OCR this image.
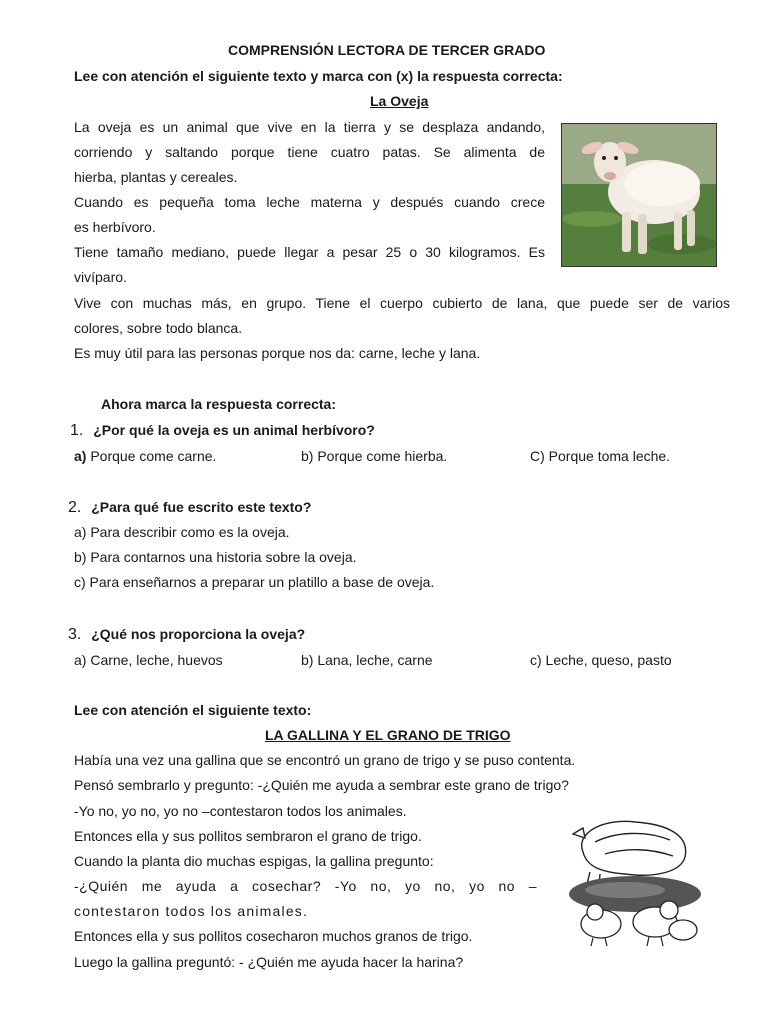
COMPRENSIÓN LECTORA DE TERCER GRADO
Lee con atención el siguiente texto y marca con (x) la respuesta correcta:
La Oveja
La oveja es un animal que vive en la tierra y se desplaza andando,
corriendo y saltando porque tiene cuatro patas. Se alimenta de
hierba, plantas y cereales.
Cuando es pequeña toma leche materna y después cuando crece
es herbívoro.
Tiene tamaño mediano, puede llegar a pesar 25 o 30 kilogramos. Es
vivíparo.
Vive con muchas más, en grupo. Tiene el cuerpo cubierto de lana, que puede ser de varios
colores, sobre todo blanca.
Es muy útil para las personas porque nos da: carne, leche y lana.
Ahora marca la respuesta correcta:
1. ¿Por qué la oveja es un animal herbívoro?
a) Porque come carne.	b) Porque come hierba.	C) Porque toma leche.
2. ¿Para qué fue escrito este texto?
a) Para describir como es la oveja.
b) Para contarnos una historia sobre la oveja.
c) Para enseñarnos a preparar un platillo a base de oveja.
3. ¿Qué nos proporciona la oveja?
a) Carne, leche, huevos	b) Lana, leche, carne	c) Leche, queso, pasto
Lee con atención el siguiente texto:
LA GALLINA Y EL GRANO DE TRIGO
Había una vez una gallina que se encontró un grano de trigo y se puso contenta.
Pensó sembrarlo y pregunto: -¿Quién me ayuda a sembrar este grano de trigo?
-Yo no, yo no, yo no –contestaron todos los animales.
Entonces ella y sus pollitos sembraron el grano de trigo.
Cuando la planta dio muchas espigas, la gallina pregunto:
-¿Quién me ayuda a cosechar? -Yo no, yo no, yo no –
contestaron todos los animales.
Entonces ella y sus pollitos cosecharon muchos granos de trigo.
Luego la gallina preguntó: - ¿Quién me ayuda hacer la harina?
